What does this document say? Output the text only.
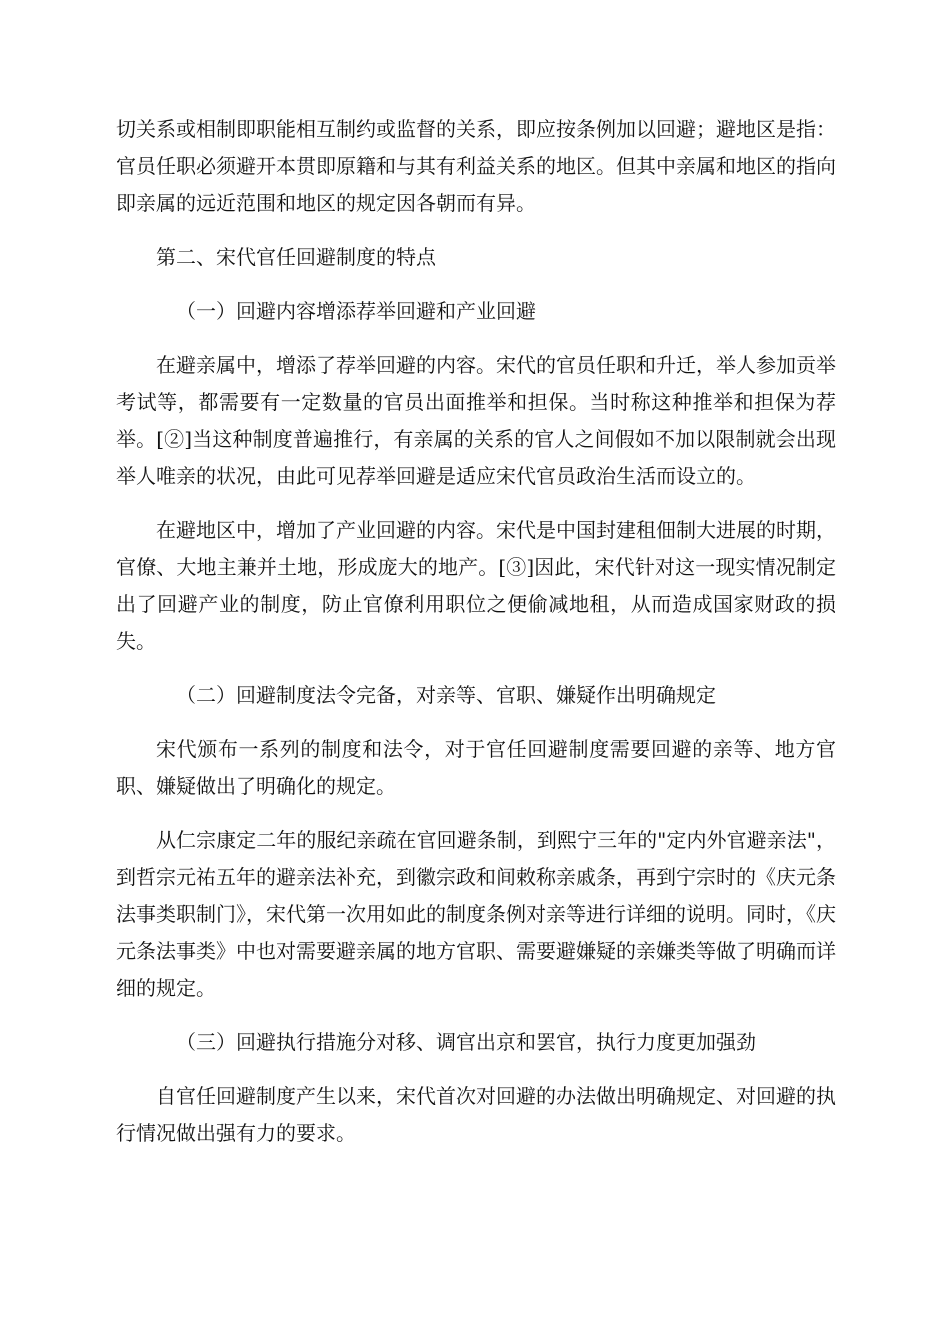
切关系或相制即职能相互制约或监督的关系，即应按条例加以回避；避地区是指：官员任职必须避开本贯即原籍和与其有利益关系的地区。但其中亲属和地区的指向即亲属的远近范围和地区的规定因各朝而有异。

第二、宋代官任回避制度的特点

（一）回避内容增添荐举回避和产业回避

在避亲属中，增添了荐举回避的内容。宋代的官员任职和升迁，举人参加贡举考试等，都需要有一定数量的官员出面推举和担保。当时称这种推举和担保为荐举。[②]当这种制度普遍推行，有亲属的关系的官人之间假如不加以限制就会出现举人唯亲的状况，由此可见荐举回避是适应宋代官员政治生活而设立的。

在避地区中，增加了产业回避的内容。宋代是中国封建租佃制大进展的时期，官僚、大地主兼并土地，形成庞大的地产。[③]因此，宋代针对这一现实情况制定出了回避产业的制度，防止官僚利用职位之便偷减地租，从而造成国家财政的损失。

（二）回避制度法令完备，对亲等、官职、嫌疑作出明确规定

宋代颁布一系列的制度和法令，对于官任回避制度需要回避的亲等、地方官职、嫌疑做出了明确化的规定。

从仁宗康定二年的服纪亲疏在官回避条制，到熙宁三年的"定内外官避亲法"，到哲宗元祐五年的避亲法补充，到徽宗政和间敕称亲戚条，再到宁宗时的《庆元条法事类职制门》，宋代第一次用如此的制度条例对亲等进行详细的说明。同时，《庆元条法事类》中也对需要避亲属的地方官职、需要避嫌疑的亲嫌类等做了明确而详细的规定。

（三）回避执行措施分对移、调官出京和罢官，执行力度更加强劲

自官任回避制度产生以来，宋代首次对回避的办法做出明确规定、对回避的执行情况做出强有力的要求。
